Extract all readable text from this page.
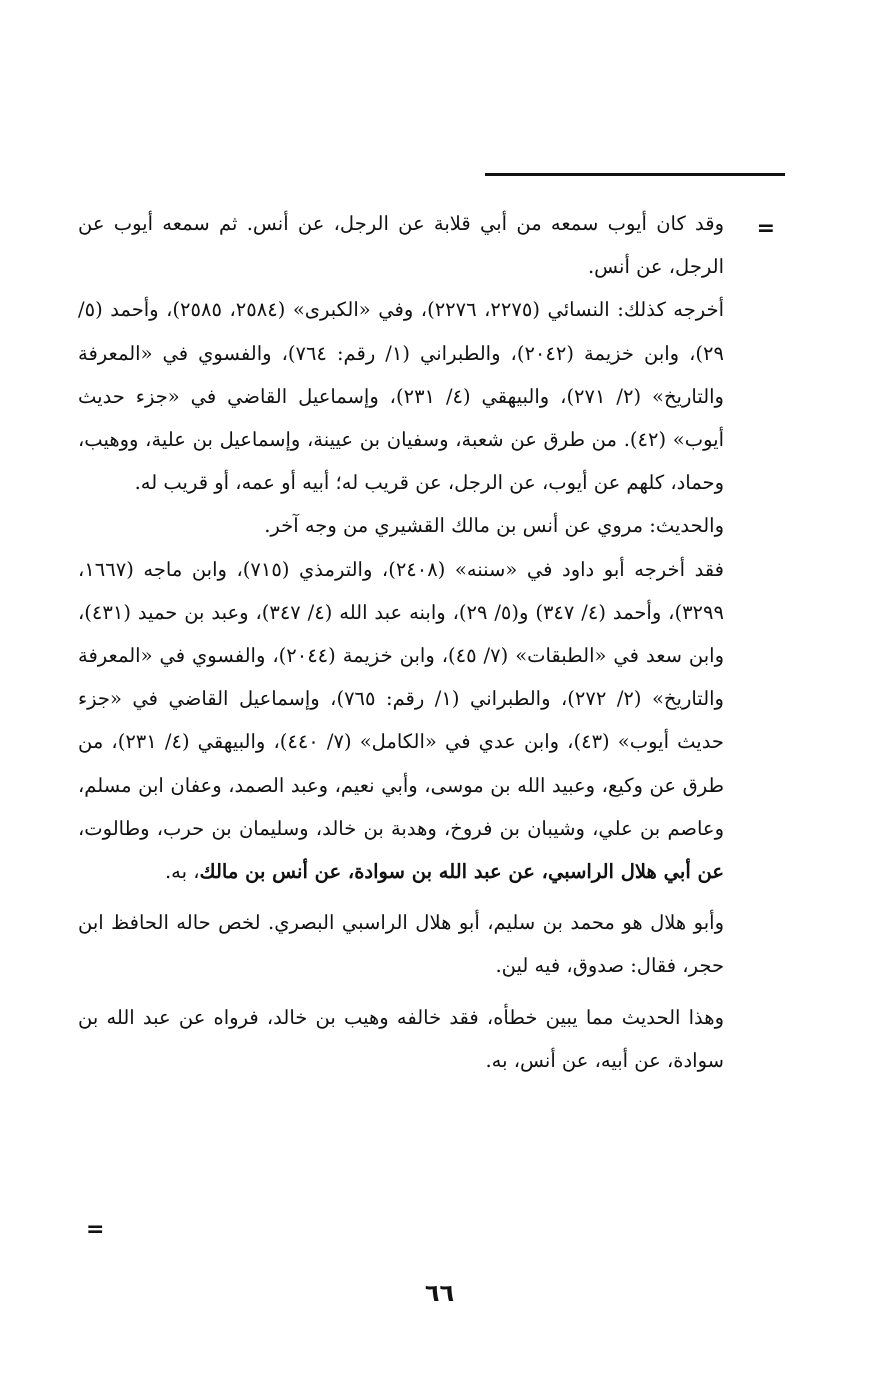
=

وقد كان أيوب سمعه من أبي قلابة عن الرجل، عن أنس. ثم سمعه أيوب عن الرجل، عن أنس.

أخرجه كذلك: النسائي (٢٢٧٥، ٢٢٧٦)، وفي «الكبرى» (٢٥٨٤، ٢٥٨٥)، وأحمد (٥/ ٢٩)، وابن خزيمة (٢٠٤٢)، والطبراني (١/ رقم: ٧٦٤)، والفسوي في «المعرفة والتاريخ» (٢/ ٢٧١)، والبيهقي (٤/ ٢٣١)، وإسماعيل القاضي في «جزء حديث أيوب» (٤٢). من طرق عن شعبة، وسفيان بن عيينة، وإسماعيل بن علية، ووهيب، وحماد، كلهم عن أيوب، عن الرجل، عن قريب له؛ أبيه أو عمه، أو قريب له.

والحديث: مروي عن أنس بن مالك القشيري من وجه آخر.

فقد أخرجه أبو داود في «سننه» (٢٤٠٨)، والترمذي (٧١٥)، وابن ماجه (١٦٦٧، ٣٢٩٩)، وأحمد (٤/ ٣٤٧) و(٥/ ٢٩)، وابنه عبد الله (٤/ ٣٤٧)، وعبد بن حميد (٤٣١)، وابن سعد في «الطبقات» (٧/ ٤٥)، وابن خزيمة (٢٠٤٤)، والفسوي في «المعرفة والتاريخ» (٢/ ٢٧٢)، والطبراني (١/ رقم: ٧٦٥)، وإسماعيل القاضي في «جزء حديث أيوب» (٤٣)، وابن عدي في «الكامل» (٧/ ٤٤٠)، والبيهقي (٤/ ٢٣١)، من طرق عن وكيع، وعبيد الله بن موسى، وأبي نعيم، وعبد الصمد، وعفان ابن مسلم، وعاصم بن علي، وشيبان بن فروخ، وهدبة بن خالد، وسليمان بن حرب، وطالوت، عن أبي هلال الراسبي، عن عبد الله بن سوادة، عن أنس بن مالك، به.

وأبو هلال هو محمد بن سليم، أبو هلال الراسبي البصري. لخص حاله الحافظ ابن حجر، فقال: صدوق، فيه لين.

وهذا الحديث مما يبين خطأه، فقد خالفه وهيب بن خالد، فرواه عن عبد الله بن سوادة، عن أبيه، عن أنس، به.

=
٦٦
